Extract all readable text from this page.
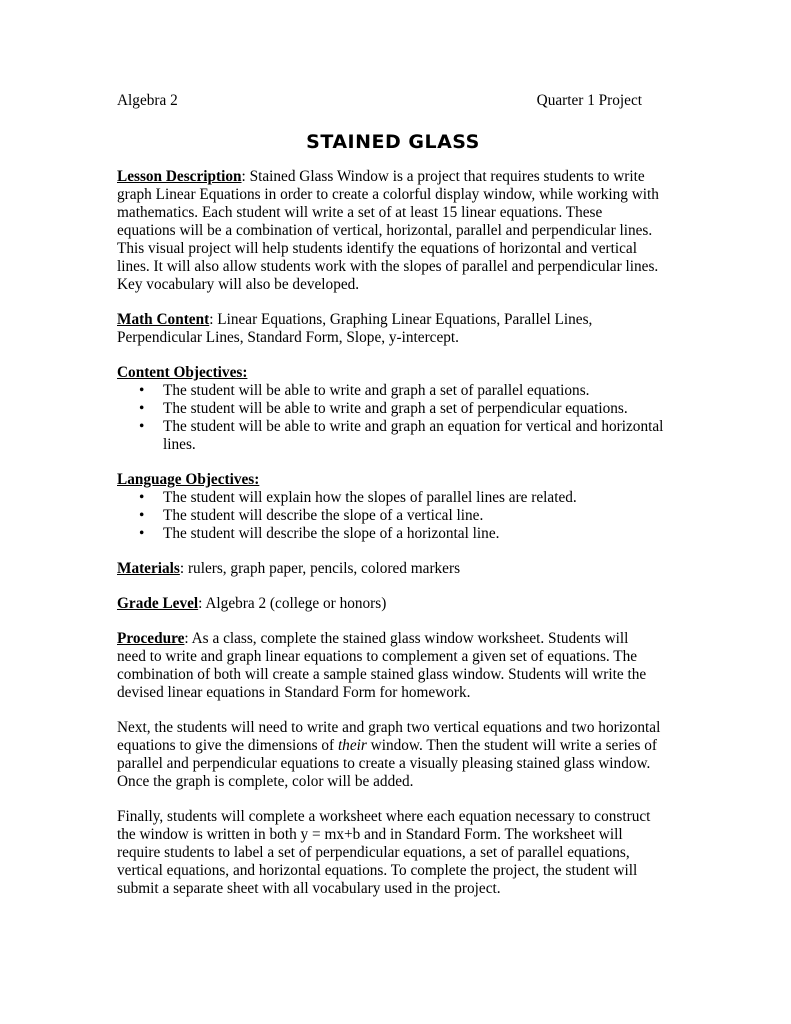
Algebra 2	Quarter 1 Project
STAINED GLASS
Lesson Description: Stained Glass Window is a project that requires students to write
graph Linear Equations in order to create a colorful display window, while working with
mathematics. Each student will write a set of at least 15 linear equations. These
equations will be a combination of vertical, horizontal, parallel and perpendicular lines.
This visual project will help students identify the equations of horizontal and vertical
lines. It will also allow students work with the slopes of parallel and perpendicular lines.
Key vocabulary will also be developed.
Math Content: Linear Equations, Graphing Linear Equations, Parallel Lines,
Perpendicular Lines, Standard Form, Slope, y-intercept.
Content Objectives:
• The student will be able to write and graph a set of parallel equations.
• The student will be able to write and graph a set of perpendicular equations.
• The student will be able to write and graph an equation for vertical and horizontal
lines.
Language Objectives:
• The student will explain how the slopes of parallel lines are related.
• The student will describe the slope of a vertical line.
• The student will describe the slope of a horizontal line.
Materials: rulers, graph paper, pencils, colored markers
Grade Level: Algebra 2 (college or honors)
Procedure: As a class, complete the stained glass window worksheet. Students will
need to write and graph linear equations to complement a given set of equations. The
combination of both will create a sample stained glass window. Students will write the
devised linear equations in Standard Form for homework.
Next, the students will need to write and graph two vertical equations and two horizontal
equations to give the dimensions of their window. Then the student will write a series of
parallel and perpendicular equations to create a visually pleasing stained glass window.
Once the graph is complete, color will be added.
Finally, students will complete a worksheet where each equation necessary to construct
the window is written in both y = mx+b and in Standard Form. The worksheet will
require students to label a set of perpendicular equations, a set of parallel equations,
vertical equations, and horizontal equations. To complete the project, the student will
submit a separate sheet with all vocabulary used in the project.
